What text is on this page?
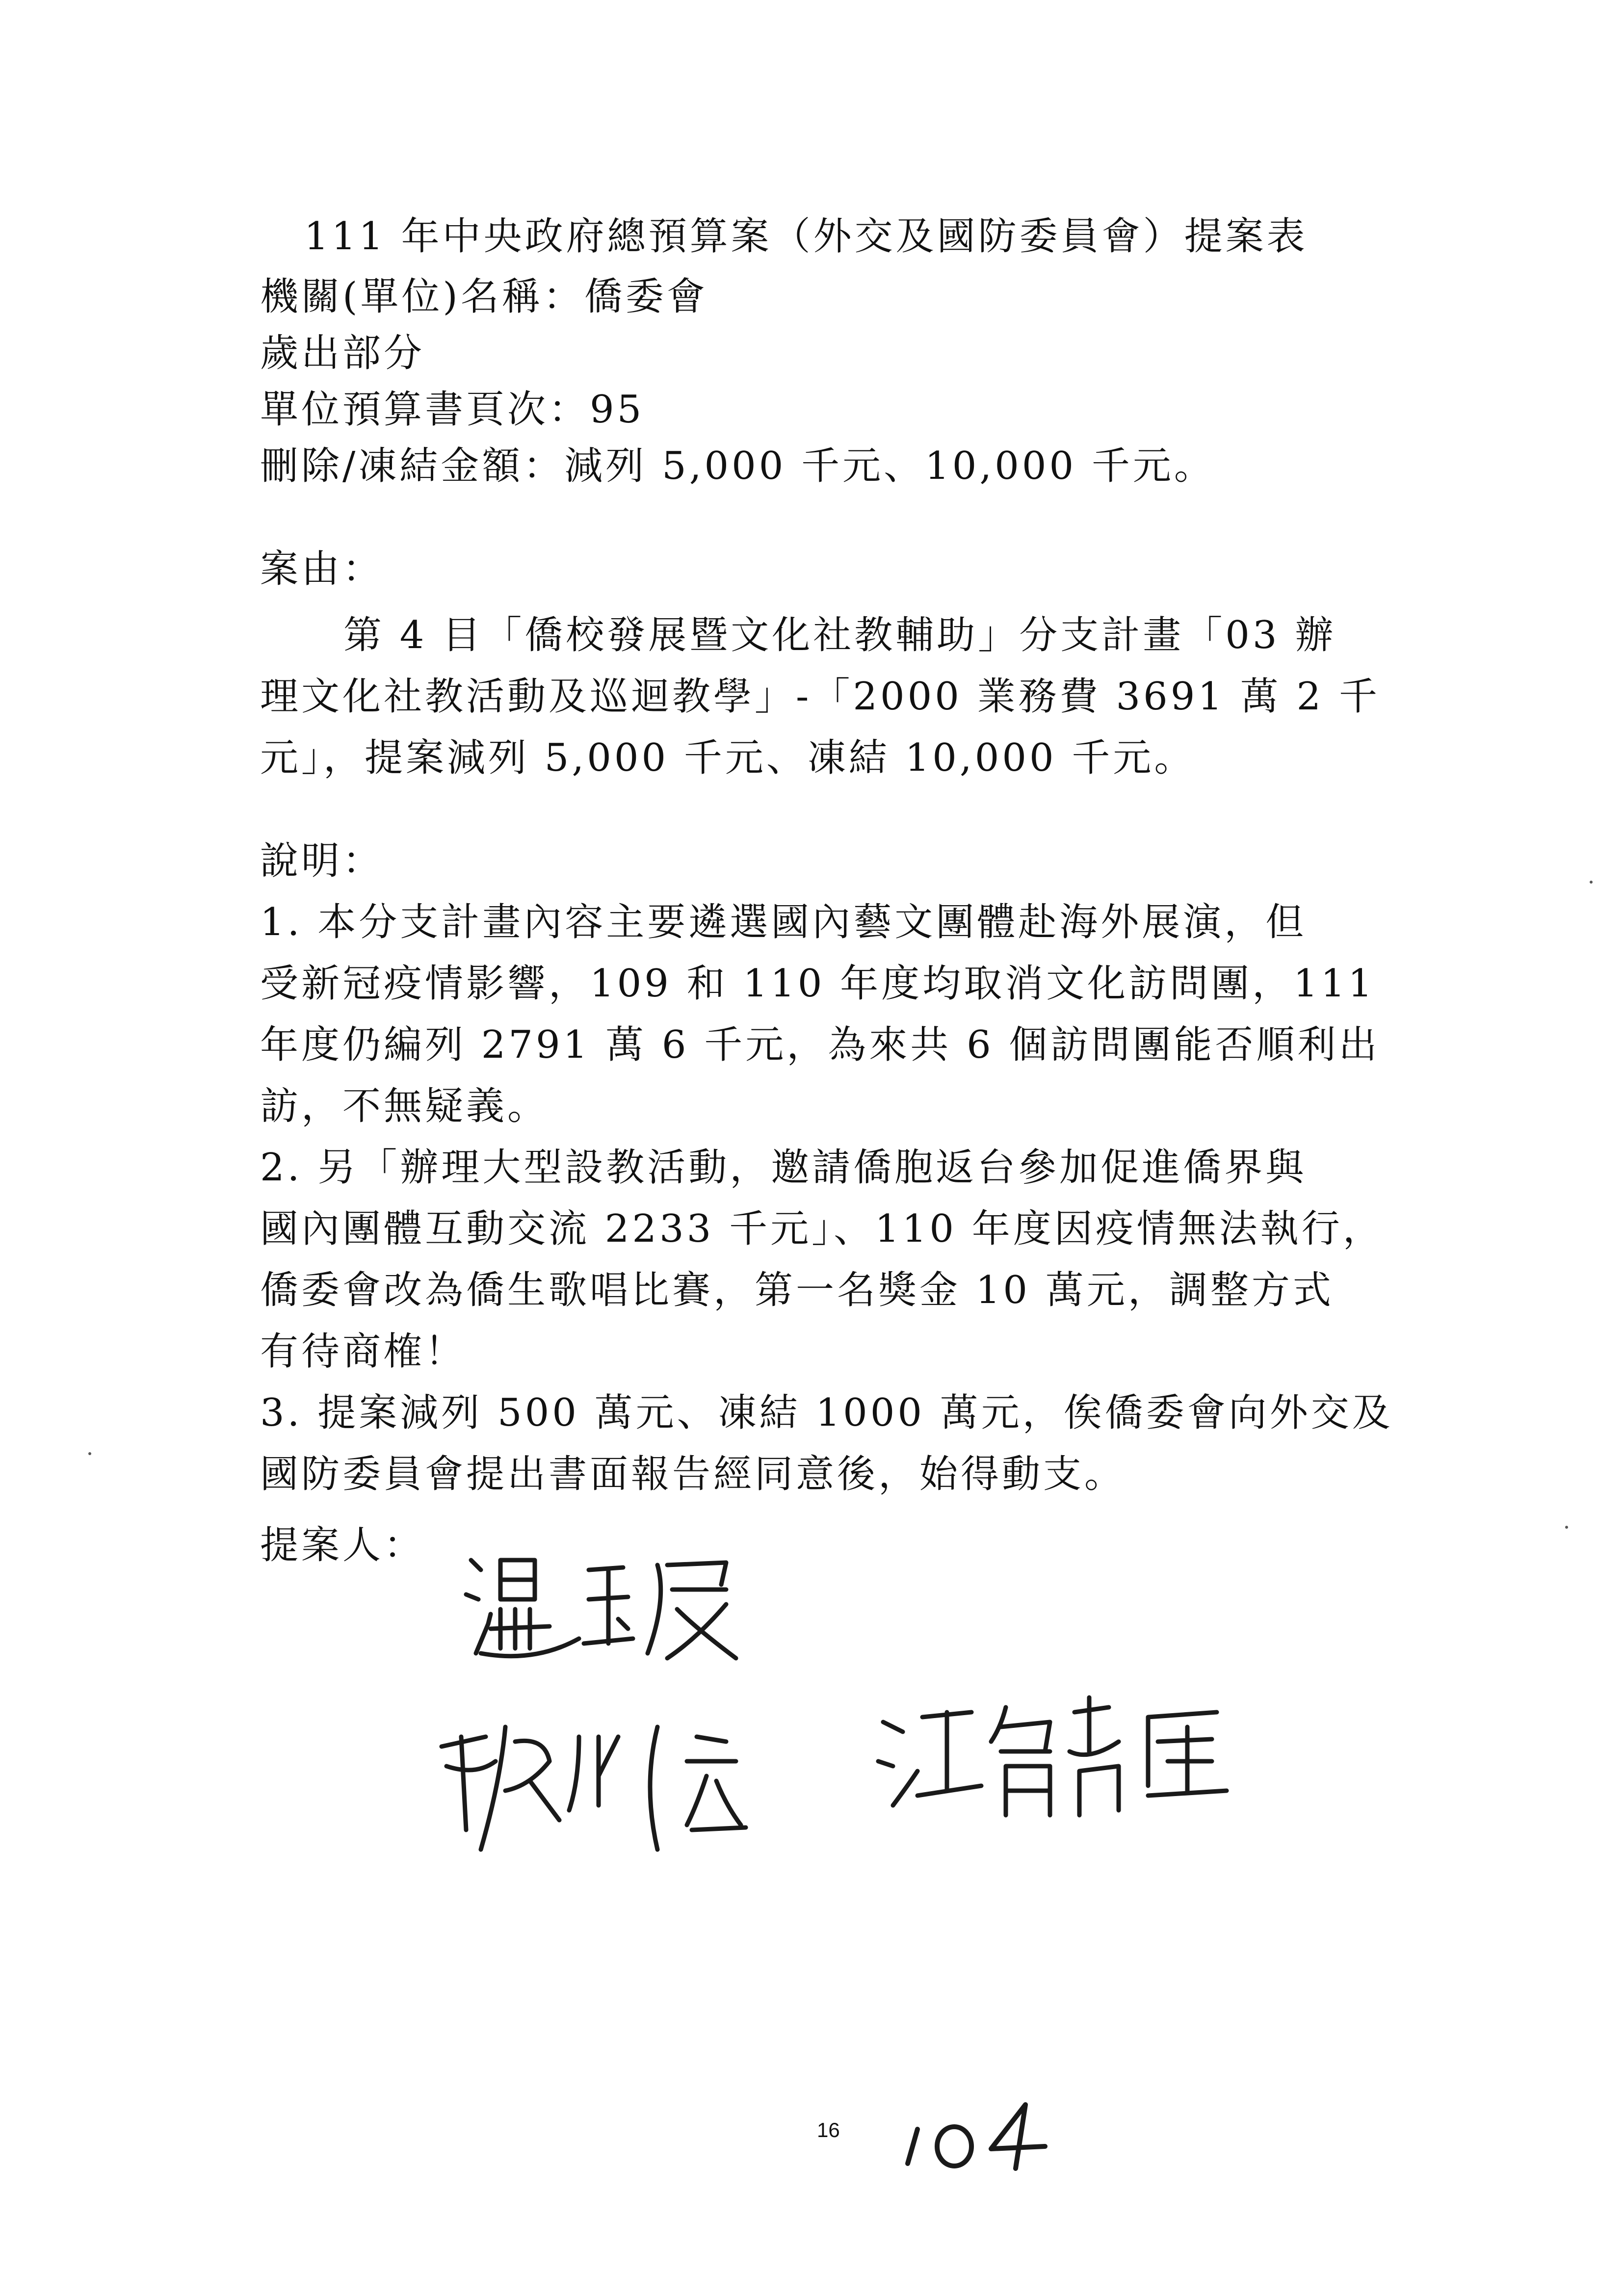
111 年中央政府總預算案（外交及國防委員會）提案表
機關(單位)名稱：僑委會
歲出部分
單位預算書頁次：95
刪除/凍結金額：減列 5,000 千元、10,000 千元。
案由：
第 4 目「僑校發展暨文化社教輔助」分支計畫「03 辦
理文化社教活動及巡迴教學」-「2000 業務費 3691 萬 2 千
元」，提案減列 5,000 千元、凍結 10,000 千元。
說明：
1. 本分支計畫內容主要遴選國內藝文團體赴海外展演，但
受新冠疫情影響，109 和 110 年度均取消文化訪問團，111
年度仍編列 2791 萬 6 千元，為來共 6 個訪問團能否順利出
訪，不無疑義。
2. 另「辦理大型設教活動，邀請僑胞返台參加促進僑界與
國內團體互動交流 2233 千元」、110 年度因疫情無法執行，
僑委會改為僑生歌唱比賽，第一名獎金 10 萬元，調整方式
有待商榷！
3. 提案減列 500 萬元、凍結 1000 萬元，俟僑委會向外交及
國防委員會提出書面報告經同意後，始得動支。
提案人：
16
